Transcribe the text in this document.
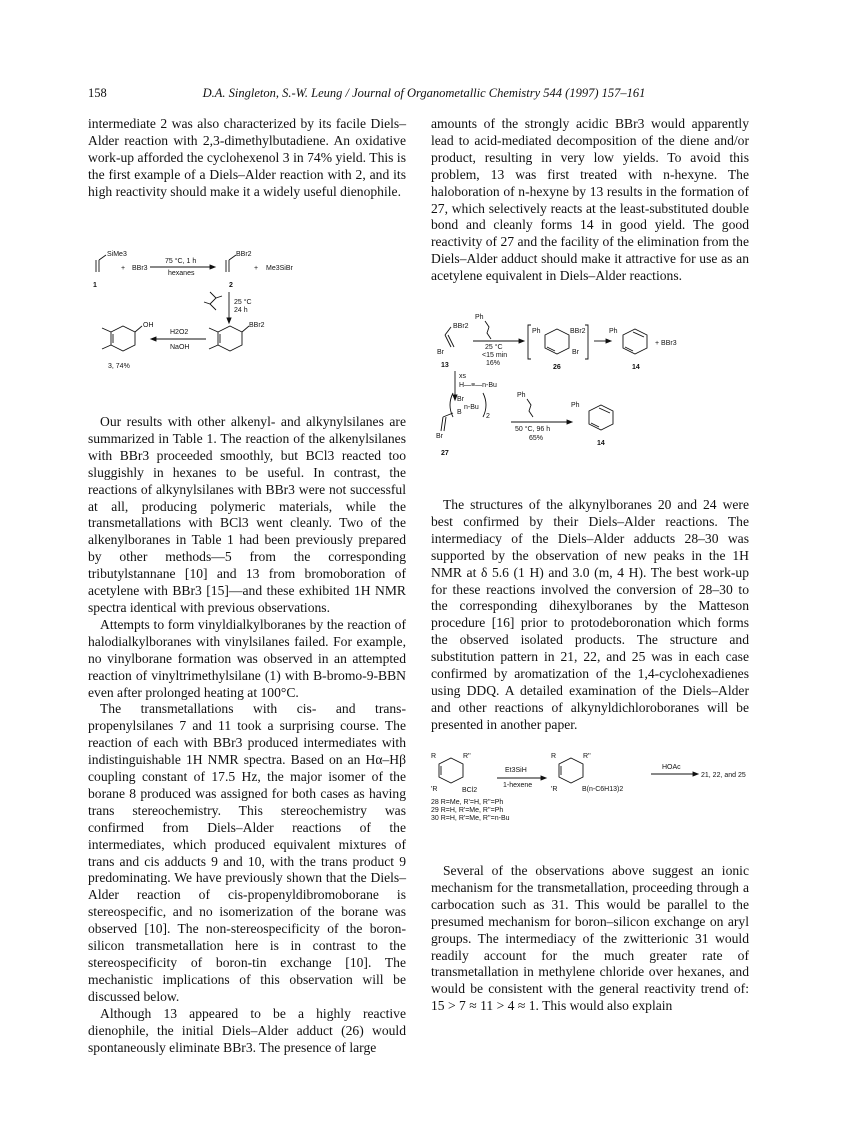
158	D.A. Singleton, S.-W. Leung / Journal of Organometallic Chemistry 544 (1997) 157–161

intermediate 2 was also characterized by its facile Diels–Alder reaction with 2,3-dimethylbutadiene. An oxidative work-up afforded the cyclohexenol 3 in 74% yield. This is the first example of a Diels–Alder reaction with 2, and its high reactivity should make it a widely useful dienophile.

SiMe3
+ BBr3
75 °C, 1 h
hexanes
BBr2
+ Me3SiBr
1	2
25 °C
24 h
OH
3, 74%
H2O2
NaOH
BBr2

Our results with other alkenyl- and alkynylsilanes are summarized in Table 1. The reaction of the alkenylsilanes with BBr3 proceeded smoothly, but BCl3 reacted too sluggishly in hexanes to be useful. In contrast, the reactions of alkynylsilanes with BBr3 were not successful at all, producing polymeric materials, while the transmetallations with BCl3 went cleanly. Two of the alkenylboranes in Table 1 had been previously prepared by other methods—5 from the corresponding tributylstannane [10] and 13 from bromoboration of acetylene with BBr3 [15]—and these exhibited 1H NMR spectra identical with previous observations.

Attempts to form vinyldialkylboranes by the reaction of halodialkylboranes with vinylsilanes failed. For example, no vinylborane formation was observed in an attempted reaction of vinyltrimethylsilane (1) with B-bromo-9-BBN even after prolonged heating at 100°C.

The transmetallations with cis- and trans-propenylsilanes 7 and 11 took a surprising course. The reaction of each with BBr3 produced intermediates with indistinguishable 1H NMR spectra. Based on an Hα–Hβ coupling constant of 17.5 Hz, the major isomer of the borane 8 produced was assigned for both cases as having trans stereochemistry. This stereochemistry was confirmed from Diels–Alder reactions of the intermediates, which produced equivalent mixtures of trans and cis adducts 9 and 10, with the trans product 9 predominating. We have previously shown that the Diels–Alder reaction of cis-propenyldibromoborane is stereospecific, and no isomerization of the borane was observed [10]. The non-stereospecificity of the boron-silicon transmetallation here is in contrast to the stereospecificity of boron-tin exchange [10]. The mechanistic implications of this observation will be discussed below.

Although 13 appeared to be a highly reactive dienophile, the initial Diels–Alder adduct (26) would spontaneously eliminate BBr3. The presence of large

amounts of the strongly acidic BBr3 would apparently lead to acid-mediated decomposition of the diene and/or product, resulting in very low yields. To avoid this problem, 13 was first treated with n-hexyne. The haloboration of n-hexyne by 13 results in the formation of 27, which selectively reacts at the least-substituted double bond and cleanly forms 14 in good yield. The good reactivity of 27 and the facility of the elimination from the Diels–Alder adduct should make it attractive for use as an acetylene equivalent in Diels–Alder reactions.

BBr2
Br
13
Ph
25 °C
<15 min
16%
Ph	BBr2
Br
26
Ph
+ BBr3
14
xs
H—≡—n-Bu
Br
B
n-Bu
2
Br
27
Ph
50 °C, 96 h
65%
Ph
14

The structures of the alkynylboranes 20 and 24 were best confirmed by their Diels–Alder reactions. The intermediacy of the Diels–Alder adducts 28–30 was supported by the observation of new peaks in the 1H NMR at δ 5.6 (1 H) and 3.0 (m, 4 H). The best work-up for these reactions involved the conversion of 28–30 to the corresponding dihexylboranes by the Matteson procedure [16] prior to protodeboronation which forms the observed isolated products. The structure and substitution pattern in 21, 22, and 25 was in each case confirmed by aromatization of the 1,4-cyclohexadienes using DDQ. A detailed examination of the Diels–Alder and other reactions of alkynyldichloroboranes will be presented in another paper.

R	R''
'R	BCl2
Et3SiH
1-hexene
R	R''
'R	B(n-C6H13)2
HOAc
21, 22, and 25
28 R=Me, R'=H, R''=Ph
29 R=H, R'=Me, R''=Ph
30 R=H, R'=Me, R''=n-Bu

Several of the observations above suggest an ionic mechanism for the transmetallation, proceeding through a carbocation such as 31. This would be parallel to the presumed mechanism for boron–silicon exchange on aryl groups. The intermediacy of the zwitterionic 31 would readily account for the much greater rate of transmetallation in methylene chloride over hexanes, and would be consistent with the general reactivity trend of: 15 > 7 ≈ 11 > 4 ≈ 1. This would also explain
